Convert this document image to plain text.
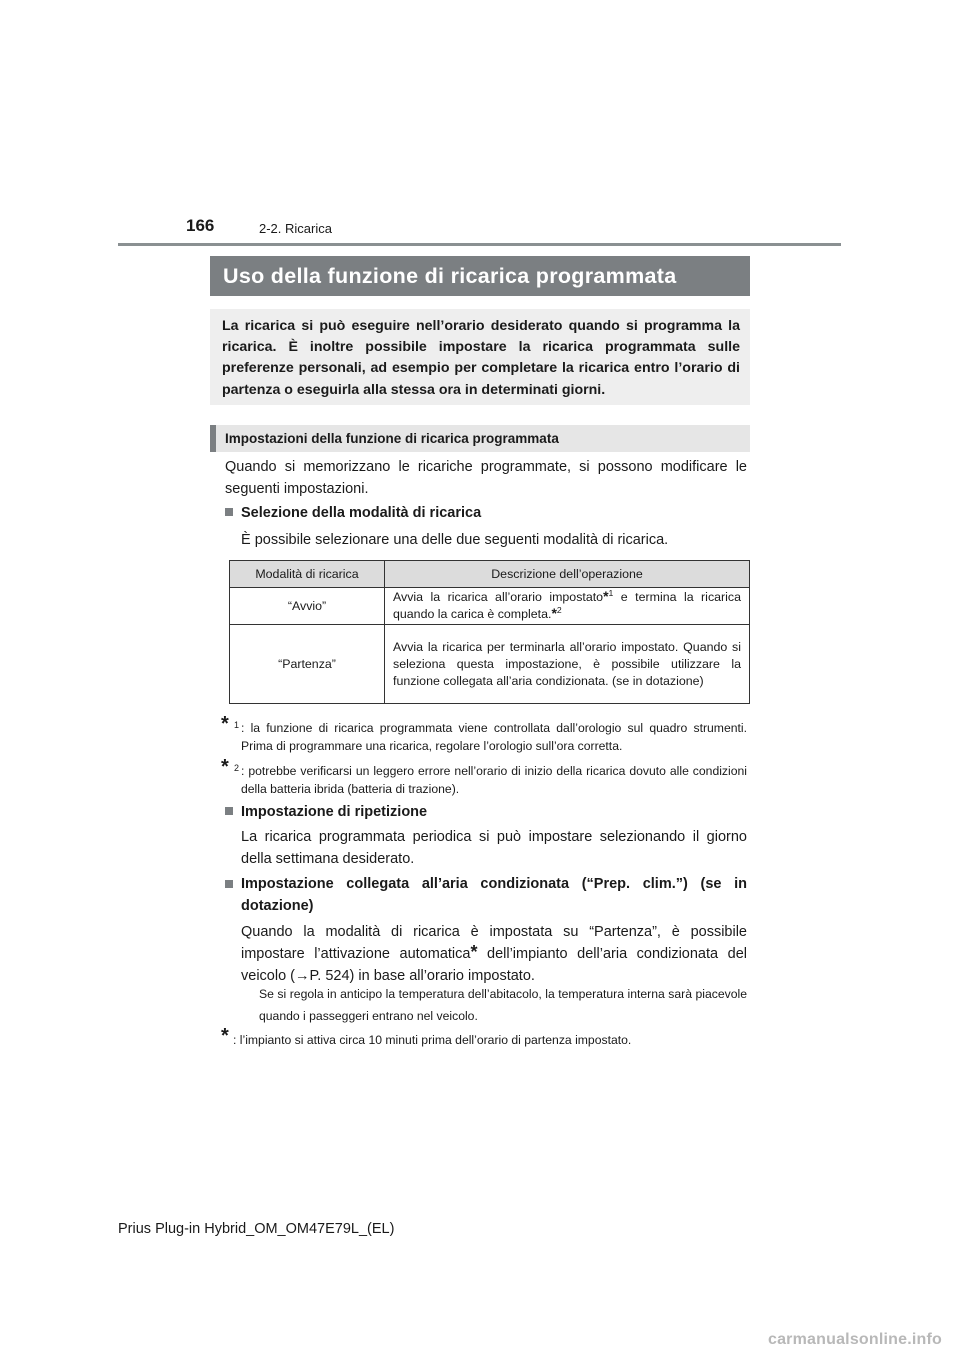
166	2-2. Ricarica
Uso della funzione di ricarica programmata
La ricarica si può eseguire nell’orario desiderato quando si programma la ricarica. È inoltre possibile impostare la ricarica programmata sulle preferenze personali, ad esempio per completare la ricarica entro l’orario di partenza o eseguirla alla stessa ora in determinati giorni.
Impostazioni della funzione di ricarica programmata
Quando si memorizzano le ricariche programmate, si possono modificare le seguenti impostazioni.
Selezione della modalità di ricarica
È possibile selezionare una delle due seguenti modalità di ricarica.
Modalità di ricarica	Descrizione dell’operazione
“Avvio”	Avvia la ricarica all’orario impostato*$^1$ e termina la ricarica quando la carica è completa.*$^2$
“Partenza”	Avvia la ricarica per terminarla all’orario impostato. Quando si seleziona questa impostazione, è possibile utilizzare la funzione collegata all’aria condizionata. (se in dotazione)
* 1 : la funzione di ricarica programmata viene controllata dall’orologio sul quadro strumenti. Prima di programmare una ricarica, regolare l’orologio sull’ora corretta.
* 2 : potrebbe verificarsi un leggero errore nell’orario di inizio della ricarica dovuto alle condizioni della batteria ibrida (batteria di trazione).
Impostazione di ripetizione
La ricarica programmata periodica si può impostare selezionando il giorno della settimana desiderato.
Impostazione collegata all’aria condizionata (“Prep. clim.”) (se in dotazione)
Quando la modalità di ricarica è impostata su “Partenza”, è possibile impostare l’attivazione automatica* dell’impianto dell’aria condizionata del veicolo (→P. 524) in base all’orario impostato.
Se si regola in anticipo la temperatura dell’abitacolo, la temperatura interna sarà piacevole quando i passeggeri entrano nel veicolo.
* : l’impianto si attiva circa 10 minuti prima dell’orario di partenza impostato.
Prius Plug-in Hybrid_OM_OM47E79L_(EL)
carmanualsonline.info
